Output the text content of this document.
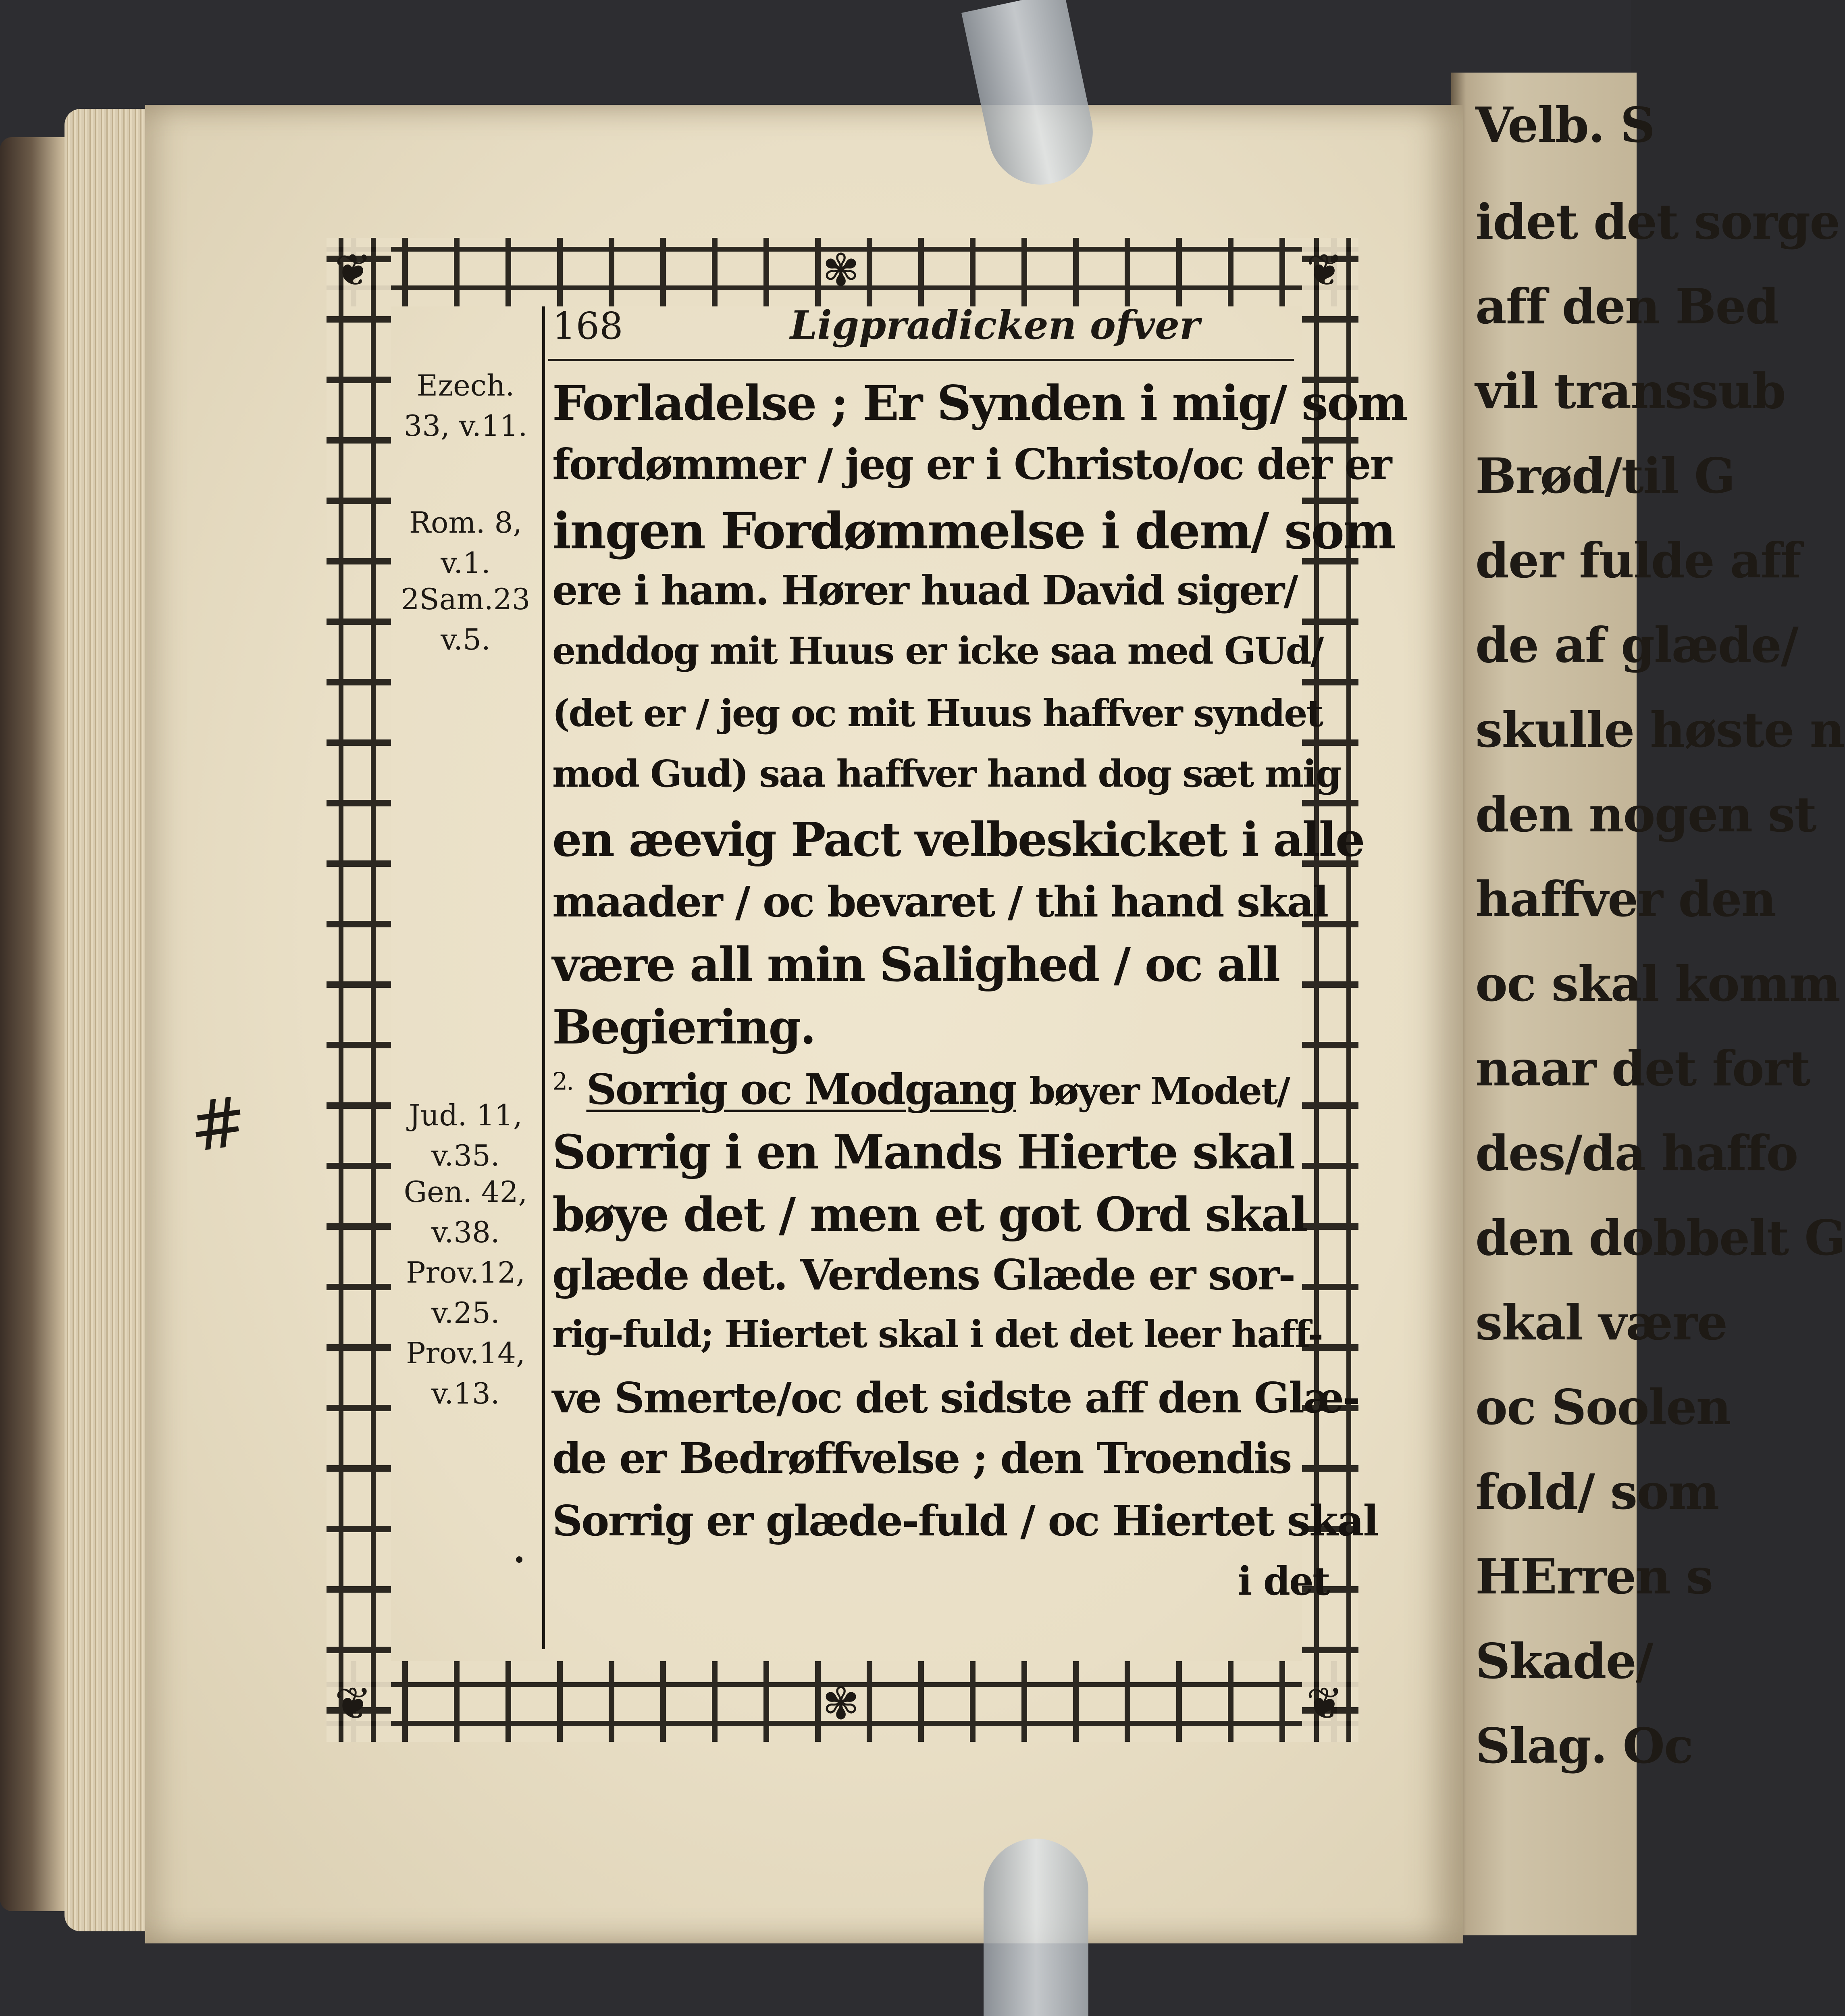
Velb. S
idet det sorge
aff den Bed
vil transsub
Brød/til G
der fulde aff
de af glæde/
skulle høste n
den nogen st
haffver den
oc skal komm
naar det fort
des/da haffo
den dobbelt G
skal være
oc Soolen
fold/ som
HErren s
Skade/
Slag. Oc
❦	❦
❦	❦
✾
✾
168	Ligpradicken ofver
Ezech.
33, v.11.
Rom. 8,
v.1.
2Sam.23
v.5.
Jud. 11,
v.35.
Gen. 42,
v.38.
Prov.12,
v.25.
Prov.14,
v.13.
Forladelse ; Er Synden i mig/ som
fordømmer / jeg er i Christo/oc der er
ingen Fordømmelse i dem/ som
ere i ham. Hører huad David siger/
enddog mit Huus er icke saa med GUd/
(det er / jeg oc mit Huus haffver syndet
mod Gud) saa haffver hand dog sæt mig
en æevig Pact velbeskicket i alle
maader / oc bevaret / thi hand skal
være all min Salighed / oc all
Begiering.
$^{2.}$ Sorrig oc Modgang bøyer Modet/
Sorrig i en Mands Hierte skal
bøye det / men et got Ord skal
glæde det. Verdens Glæde er sor-
rig-fuld; Hiertet skal i det det leer haff-
ve Smerte/oc det sidste aff den Glæ-
de er Bedrøffvelse ; den Troendis
Sorrig er glæde-fuld / oc Hiertet skal
i det
#
